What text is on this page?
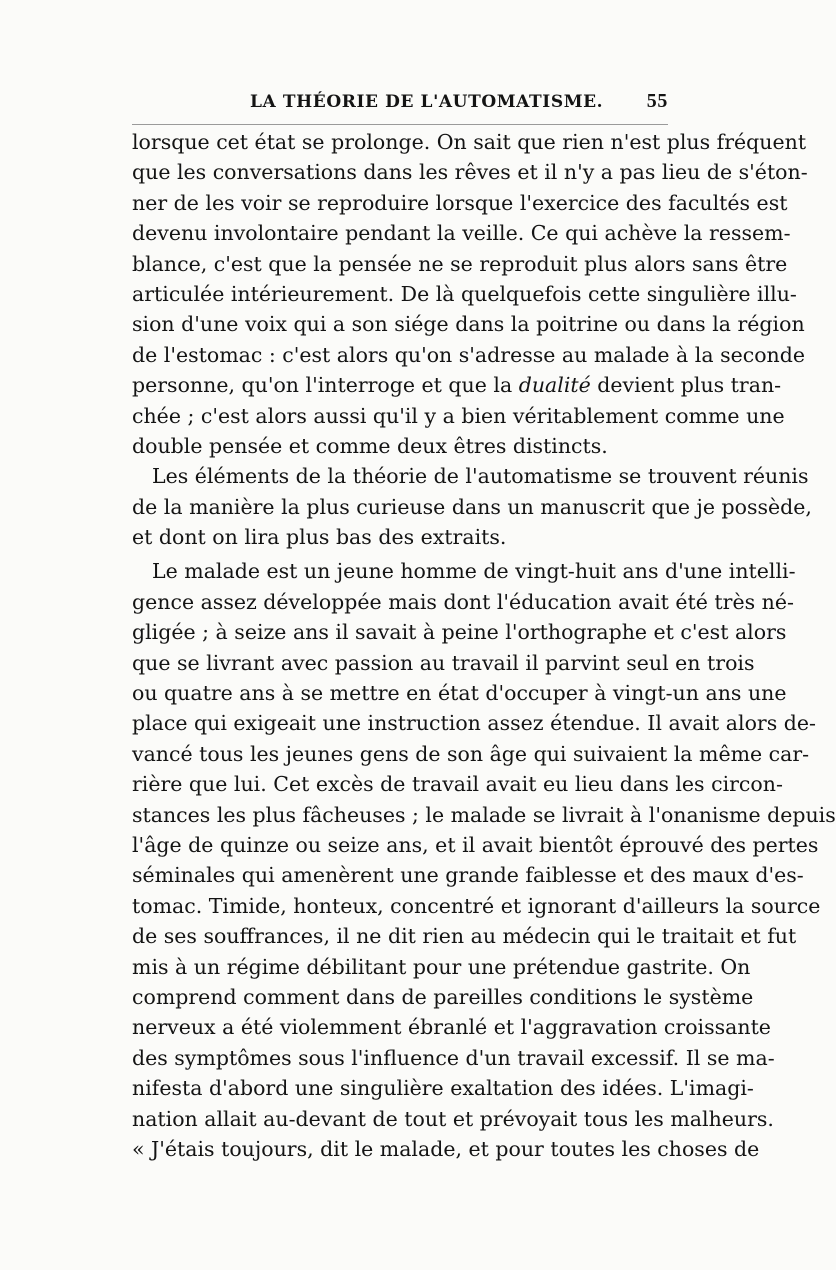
LA THÉORIE DE L'AUTOMATISME. 55
lorsque cet état se prolonge. On sait que rien n'est plus fréquent
que les conversations dans les rêves et il n'y a pas lieu de s'éton-
ner de les voir se reproduire lorsque l'exercice des facultés est
devenu involontaire pendant la veille. Ce qui achève la ressem-
blance, c'est que la pensée ne se reproduit plus alors sans être
articulée intérieurement. De là quelquefois cette singulière illu-
sion d'une voix qui a son siége dans la poitrine ou dans la région
de l'estomac : c'est alors qu'on s'adresse au malade à la seconde
personne, qu'on l'interroge et que la dualité devient plus tran-
chée ; c'est alors aussi qu'il y a bien véritablement comme une
double pensée et comme deux êtres distincts.
Les éléments de la théorie de l'automatisme se trouvent réunis
de la manière la plus curieuse dans un manuscrit que je possède,
et dont on lira plus bas des extraits.
Le malade est un jeune homme de vingt-huit ans d'une intelli-
gence assez développée mais dont l'éducation avait été très né-
gligée ; à seize ans il savait à peine l'orthographe et c'est alors
que se livrant avec passion au travail il parvint seul en trois
ou quatre ans à se mettre en état d'occuper à vingt-un ans une
place qui exigeait une instruction assez étendue. Il avait alors de-
vancé tous les jeunes gens de son âge qui suivaient la même car-
rière que lui. Cet excès de travail avait eu lieu dans les circon-
stances les plus fâcheuses ; le malade se livrait à l'onanisme depuis
l'âge de quinze ou seize ans, et il avait bientôt éprouvé des pertes
séminales qui amenèrent une grande faiblesse et des maux d'es-
tomac. Timide, honteux, concentré et ignorant d'ailleurs la source
de ses souffrances, il ne dit rien au médecin qui le traitait et fut
mis à un régime débilitant pour une prétendue gastrite. On
comprend comment dans de pareilles conditions le système
nerveux a été violemment ébranlé et l'aggravation croissante
des symptômes sous l'influence d'un travail excessif. Il se ma-
nifesta d'abord une singulière exaltation des idées. L'imagi-
nation allait au-devant de tout et prévoyait tous les malheurs.
« J'étais toujours, dit le malade, et pour toutes les choses de
